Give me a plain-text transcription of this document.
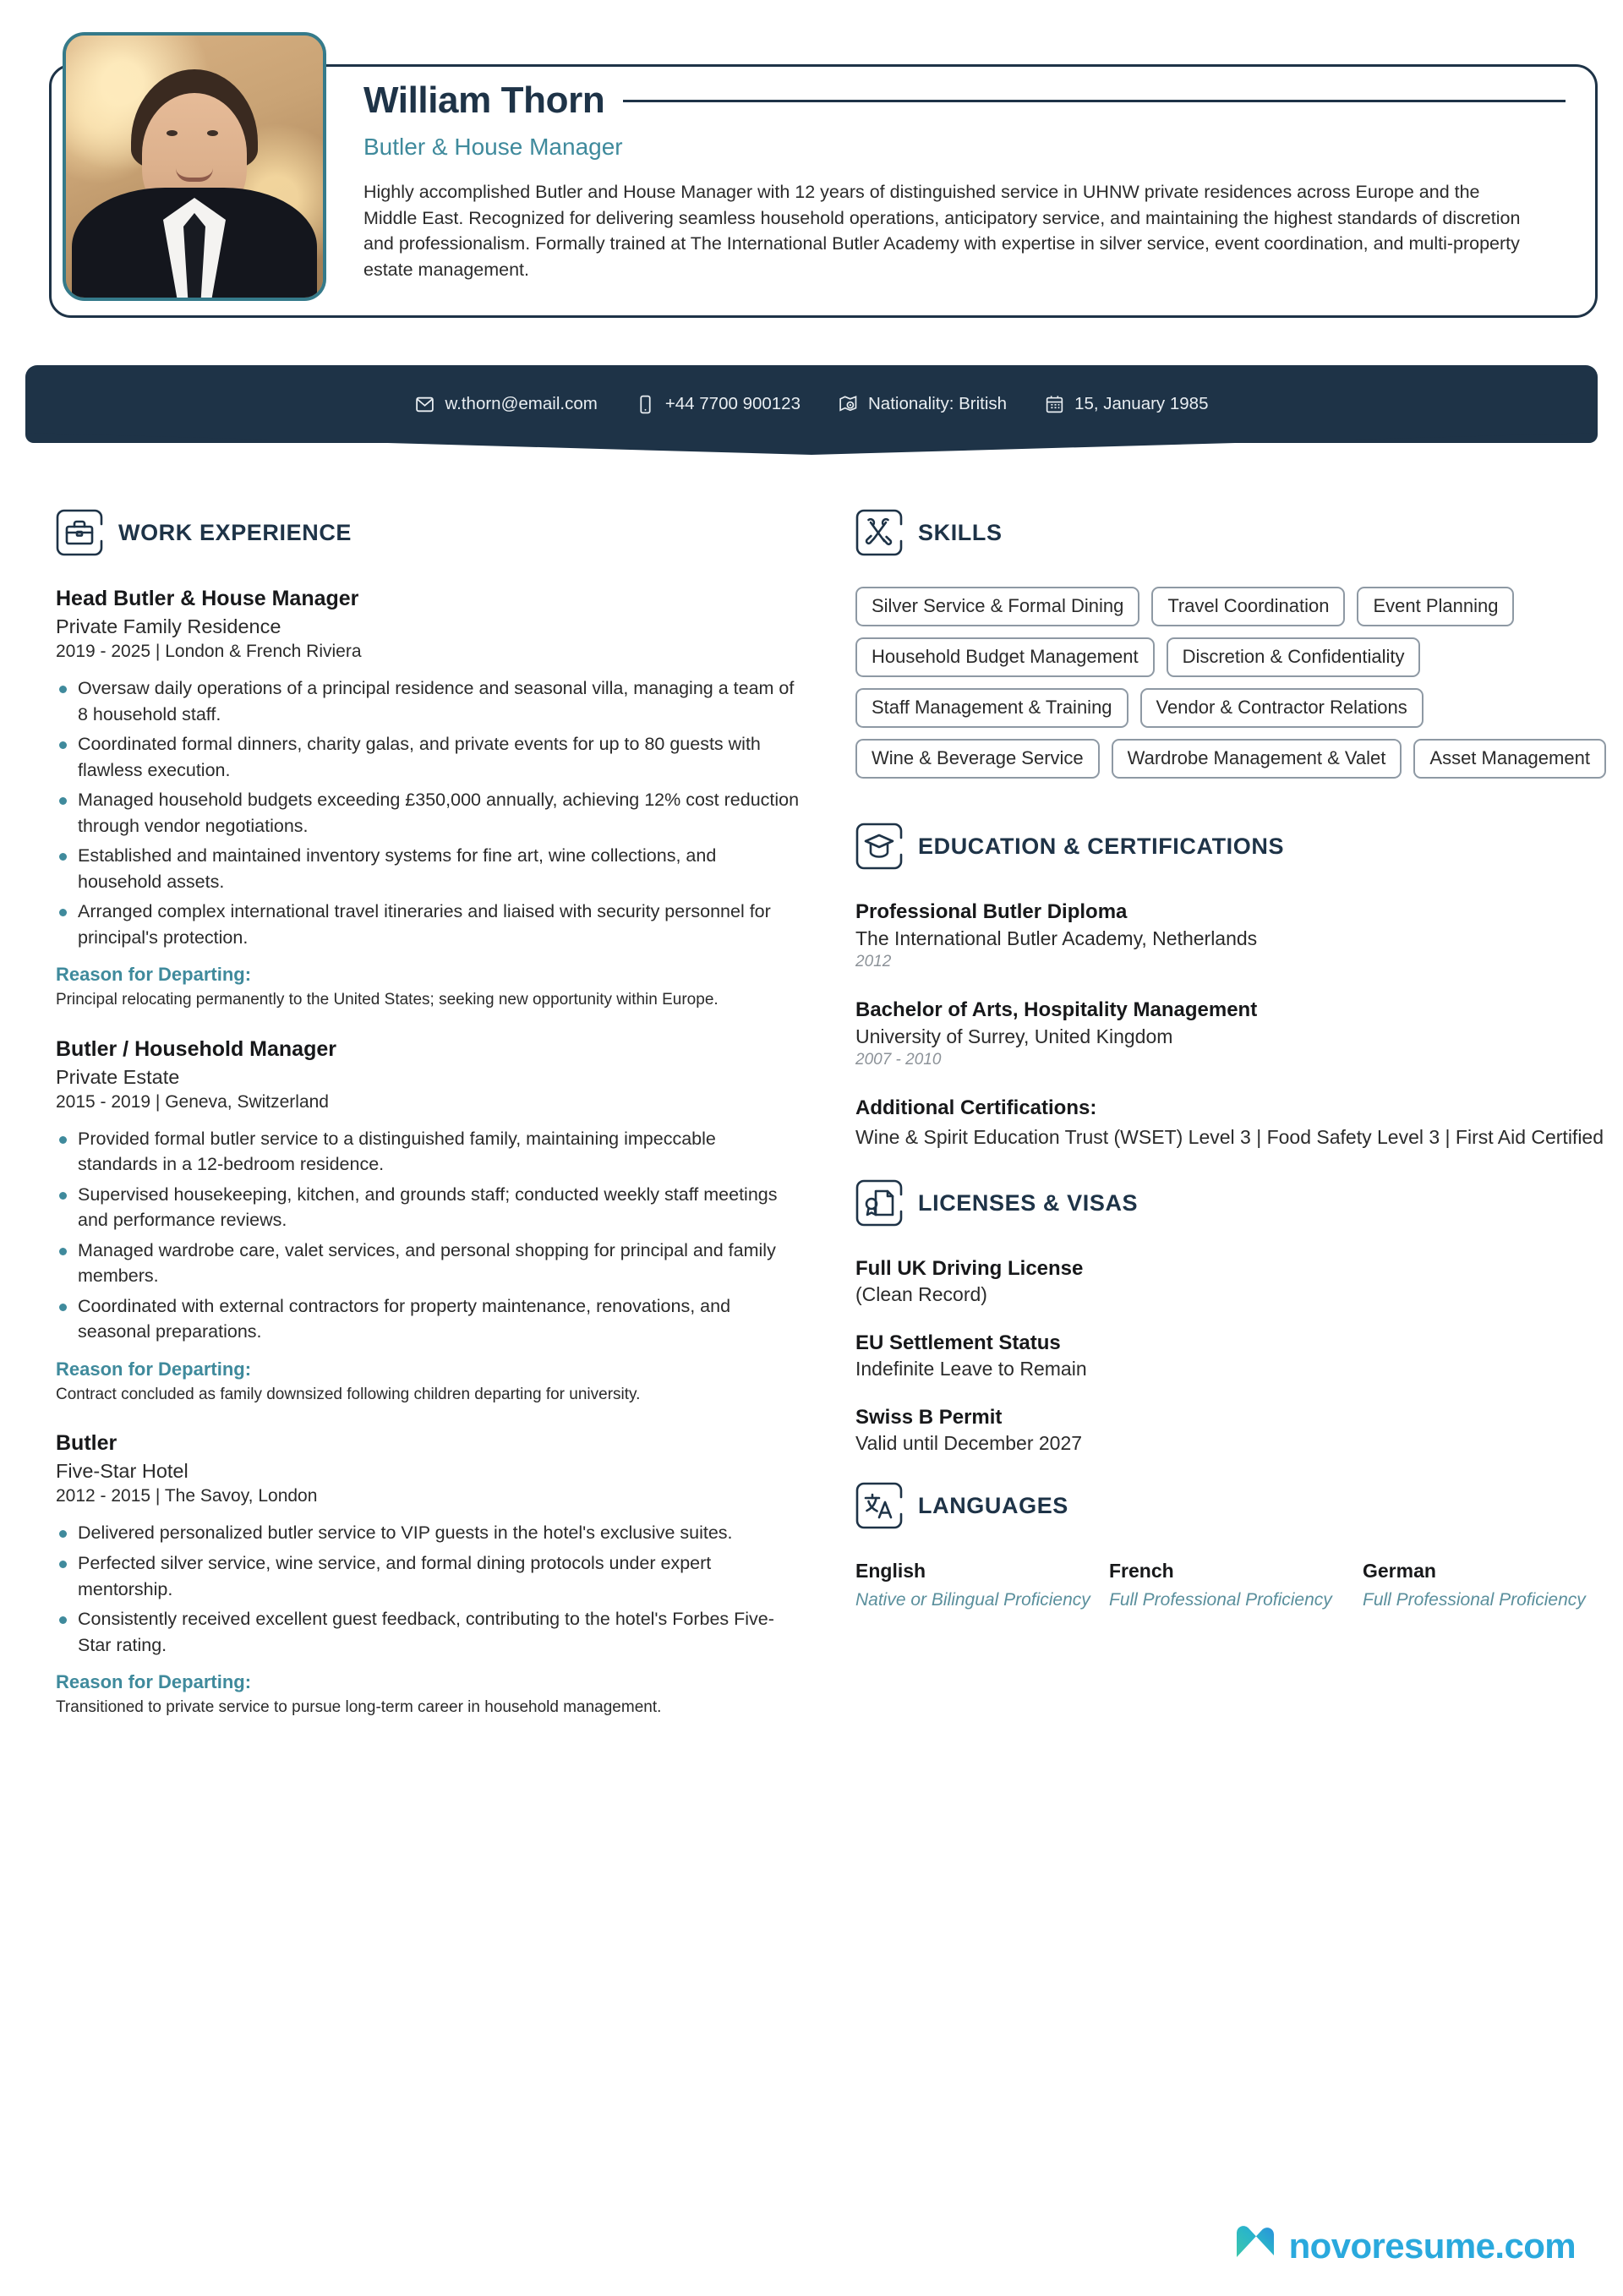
William Thorn
Butler & House Manager
Highly accomplished Butler and House Manager with 12 years of distinguished service in UHNW private residences across Europe and the Middle East. Recognized for delivering seamless household operations, anticipatory service, and maintaining the highest standards of discretion and professionalism. Formally trained at The International Butler Academy with expertise in silver service, event coordination, and multi-property estate management.
w.thorn@email.com	+44 7700 900123	Nationality: British	15, January 1985
WORK EXPERIENCE
Head Butler & House Manager
Private Family Residence
2019 - 2025 | London & French Riviera
Oversaw daily operations of a principal residence and seasonal villa, managing a team of 8 household staff.
Coordinated formal dinners, charity galas, and private events for up to 80 guests with flawless execution.
Managed household budgets exceeding £350,000 annually, achieving 12% cost reduction through vendor negotiations.
Established and maintained inventory systems for fine art, wine collections, and household assets.
Arranged complex international travel itineraries and liaised with security personnel for principal's protection.
Reason for Departing:
Principal relocating permanently to the United States; seeking new opportunity within Europe.
Butler / Household Manager
Private Estate
2015 - 2019 | Geneva, Switzerland
Provided formal butler service to a distinguished family, maintaining impeccable standards in a 12-bedroom residence.
Supervised housekeeping, kitchen, and grounds staff; conducted weekly staff meetings and performance reviews.
Managed wardrobe care, valet services, and personal shopping for principal and family members.
Coordinated with external contractors for property maintenance, renovations, and seasonal preparations.
Reason for Departing:
Contract concluded as family downsized following children departing for university.
Butler
Five-Star Hotel
2012 - 2015 | The Savoy, London
Delivered personalized butler service to VIP guests in the hotel's exclusive suites.
Perfected silver service, wine service, and formal dining protocols under expert mentorship.
Consistently received excellent guest feedback, contributing to the hotel's Forbes Five-Star rating.
Reason for Departing:
Transitioned to private service to pursue long-term career in household management.
SKILLS
Silver Service & Formal Dining	Travel Coordination	Event Planning
Household Budget Management	Discretion & Confidentiality
Staff Management & Training	Vendor & Contractor Relations
Wine & Beverage Service	Wardrobe Management & Valet	Asset Management
EDUCATION & CERTIFICATIONS
Professional Butler Diploma
The International Butler Academy, Netherlands
2012
Bachelor of Arts, Hospitality Management
University of Surrey, United Kingdom
2007 - 2010
Additional Certifications:
Wine & Spirit Education Trust (WSET) Level 3 | Food Safety Level 3 | First Aid Certified
LICENSES & VISAS
Full UK Driving License
(Clean Record)
EU Settlement Status
Indefinite Leave to Remain
Swiss B Permit
Valid until December 2027
LANGUAGES
English
Native or Bilingual Proficiency
French
Full Professional Proficiency
German
Full Professional Proficiency
novoresume.com
